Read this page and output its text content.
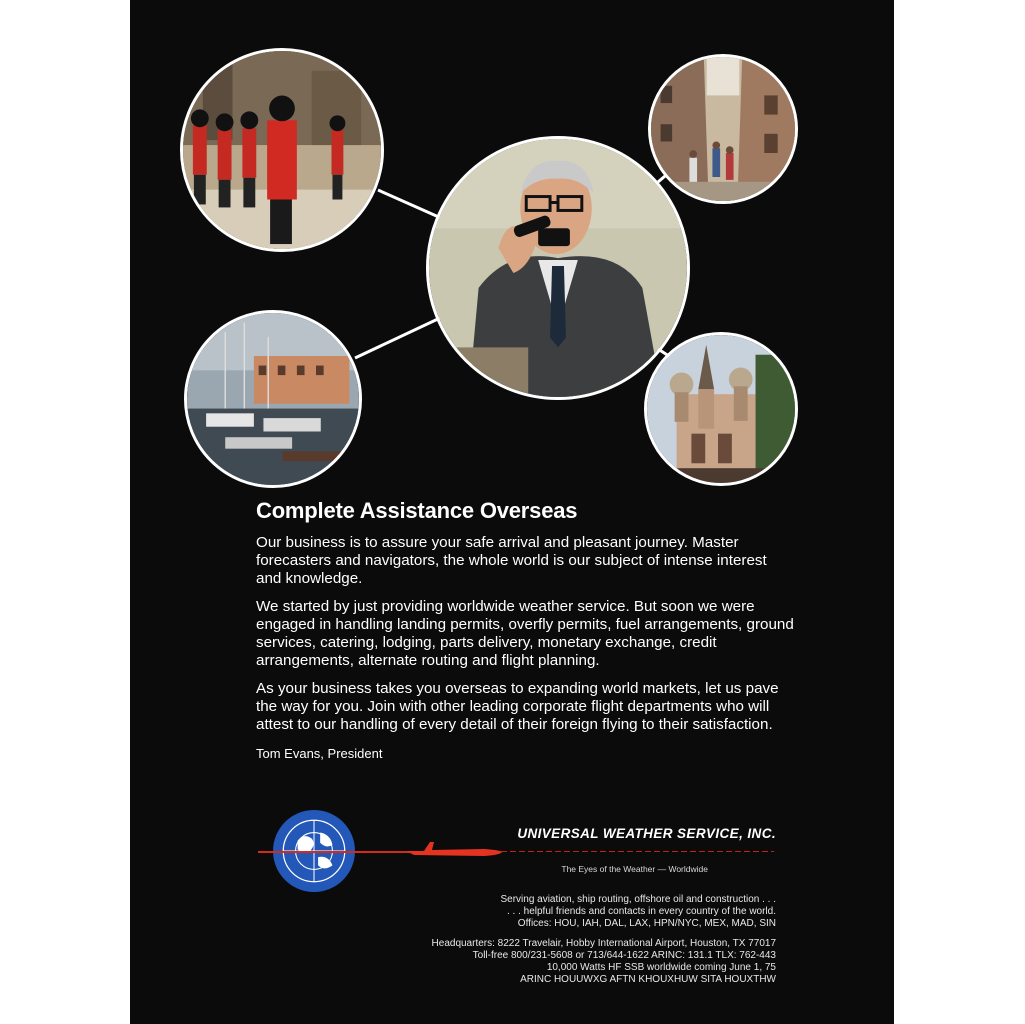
Complete Assistance Overseas

Our business is to assure your safe arrival and pleasant journey. Master forecasters and navigators, the whole world is our subject of intense interest and knowledge.

We started by just providing worldwide weather service. But soon we were engaged in handling landing permits, overfly permits, fuel arrangements, ground services, catering, lodging, parts delivery, monetary exchange, credit arrangements, alternate routing and flight planning.

As your business takes you overseas to expanding world markets, let us pave the way for you. Join with other leading corporate flight departments who will attest to our handling of every detail of their foreign flying to their satisfaction.

Tom Evans, President
UNIVERSAL WEATHER SERVICE, INC.
The Eyes of the Weather — Worldwide
Serving aviation, ship routing, offshore oil and construction . . .
. . . helpful friends and contacts in every country of the world.
Offices: HOU, IAH, DAL, LAX, HPN/NYC, MEX, MAD, SIN
Headquarters: 8222 Travelair, Hobby International Airport, Houston, TX 77017
Toll-free 800/231-5608 or 713/644-1622 ARINC: 131.1 TLX: 762-443
10,000 Watts HF SSB worldwide coming June 1, 75
ARINC HOUUWXG AFTN KHOUXHUW SITA HOUXTHW
